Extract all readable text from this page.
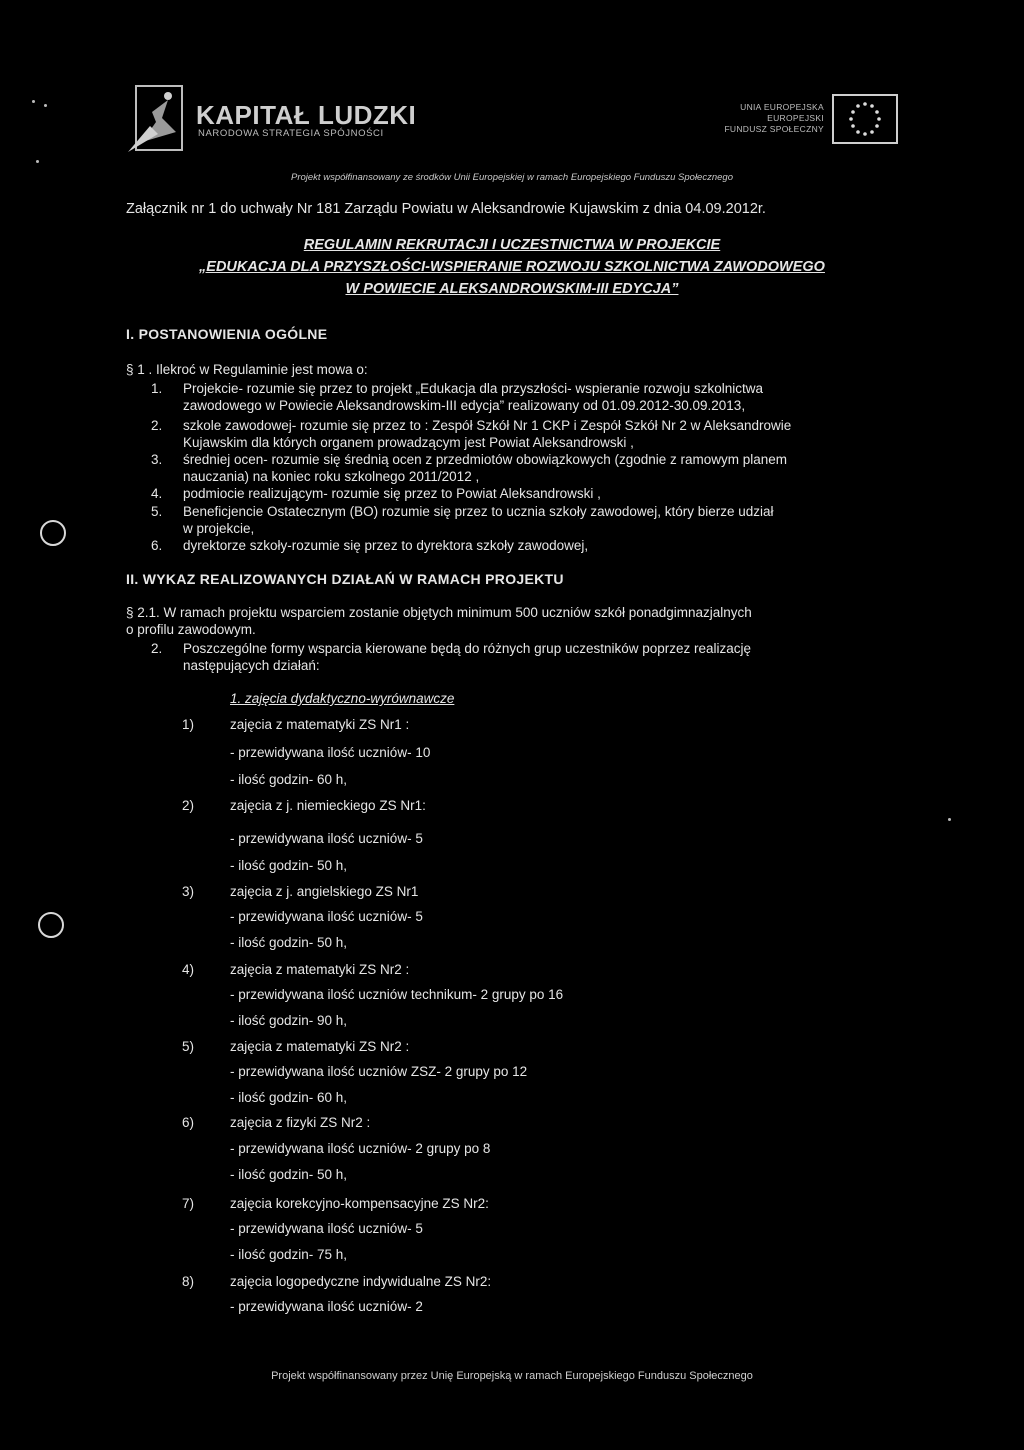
KAPITAŁ LUDZKI
NARODOWA STRATEGIA SPÓJNOŚCI
UNIA EUROPEJSKA
EUROPEJSKI
FUNDUSZ SPOŁECZNY
Projekt współfinansowany ze środków Unii Europejskiej w ramach Europejskiego Funduszu Społecznego
Załącznik nr 1 do uchwały Nr 181 Zarządu Powiatu w Aleksandrowie Kujawskim z dnia 04.09.2012r.
REGULAMIN REKRUTACJI I UCZESTNICTWA W PROJEKCIE
„EDUKACJA DLA PRZYSZŁOŚCI-WSPIERANIE ROZWOJU SZKOLNICTWA ZAWODOWEGO
W POWIECIE ALEKSANDROWSKIM-III EDYCJA”
I. POSTANOWIENIA OGÓLNE
§ 1 . Ilekroć w Regulaminie jest mowa o:
1.	Projekcie- rozumie się przez to projekt „Edukacja dla przyszłości- wspieranie rozwoju szkolnictwa
zawodowego w Powiecie Aleksandrowskim-III edycja” realizowany od 01.09.2012-30.09.2013,
2.	szkole zawodowej- rozumie się przez to : Zespół Szkół Nr 1 CKP i Zespół Szkół Nr 2 w Aleksandrowie
Kujawskim dla których organem prowadzącym jest Powiat Aleksandrowski ,
3.	średniej ocen- rozumie się średnią ocen z przedmiotów obowiązkowych (zgodnie z ramowym planem
nauczania) na koniec roku szkolnego 2011/2012 ,
4.	podmiocie realizującym- rozumie się przez to Powiat Aleksandrowski ,
5.	Beneficjencie Ostatecznym (BO) rozumie się przez to ucznia szkoły zawodowej, który bierze udział
w projekcie,
6.	dyrektorze szkoły-rozumie się przez to dyrektora szkoły zawodowej,
II. WYKAZ REALIZOWANYCH DZIAŁAŃ W RAMACH PROJEKTU
§ 2.1. W ramach projektu wsparciem zostanie objętych minimum 500 uczniów szkół ponadgimnazjalnych
o profilu zawodowym.
2.	Poszczególne formy wsparcia kierowane będą do różnych grup uczestników poprzez realizację
następujących działań:
1. zajęcia dydaktyczno-wyrównawcze
1)	zajęcia z matematyki ZS Nr1 :
- przewidywana ilość uczniów- 10
- ilość godzin- 60 h,
2)	zajęcia z j. niemieckiego ZS Nr1:
- przewidywana ilość uczniów- 5
- ilość godzin- 50 h,
3)	zajęcia z j. angielskiego ZS Nr1
- przewidywana ilość uczniów- 5
- ilość godzin- 50 h,
4)	zajęcia z matematyki ZS Nr2 :
- przewidywana ilość uczniów technikum- 2 grupy po 16
- ilość godzin- 90 h,
5)	zajęcia z matematyki ZS Nr2 :
- przewidywana ilość uczniów ZSZ- 2 grupy po 12
- ilość godzin- 60 h,
6)	zajęcia z fizyki ZS Nr2 :
- przewidywana ilość uczniów- 2 grupy po 8
- ilość godzin- 50 h,
7)	zajęcia korekcyjno-kompensacyjne ZS Nr2:
- przewidywana ilość uczniów- 5
- ilość godzin- 75 h,
8)	zajęcia logopedyczne indywidualne ZS Nr2:
- przewidywana ilość uczniów- 2
Projekt współfinansowany przez Unię Europejską w ramach Europejskiego Funduszu Społecznego
